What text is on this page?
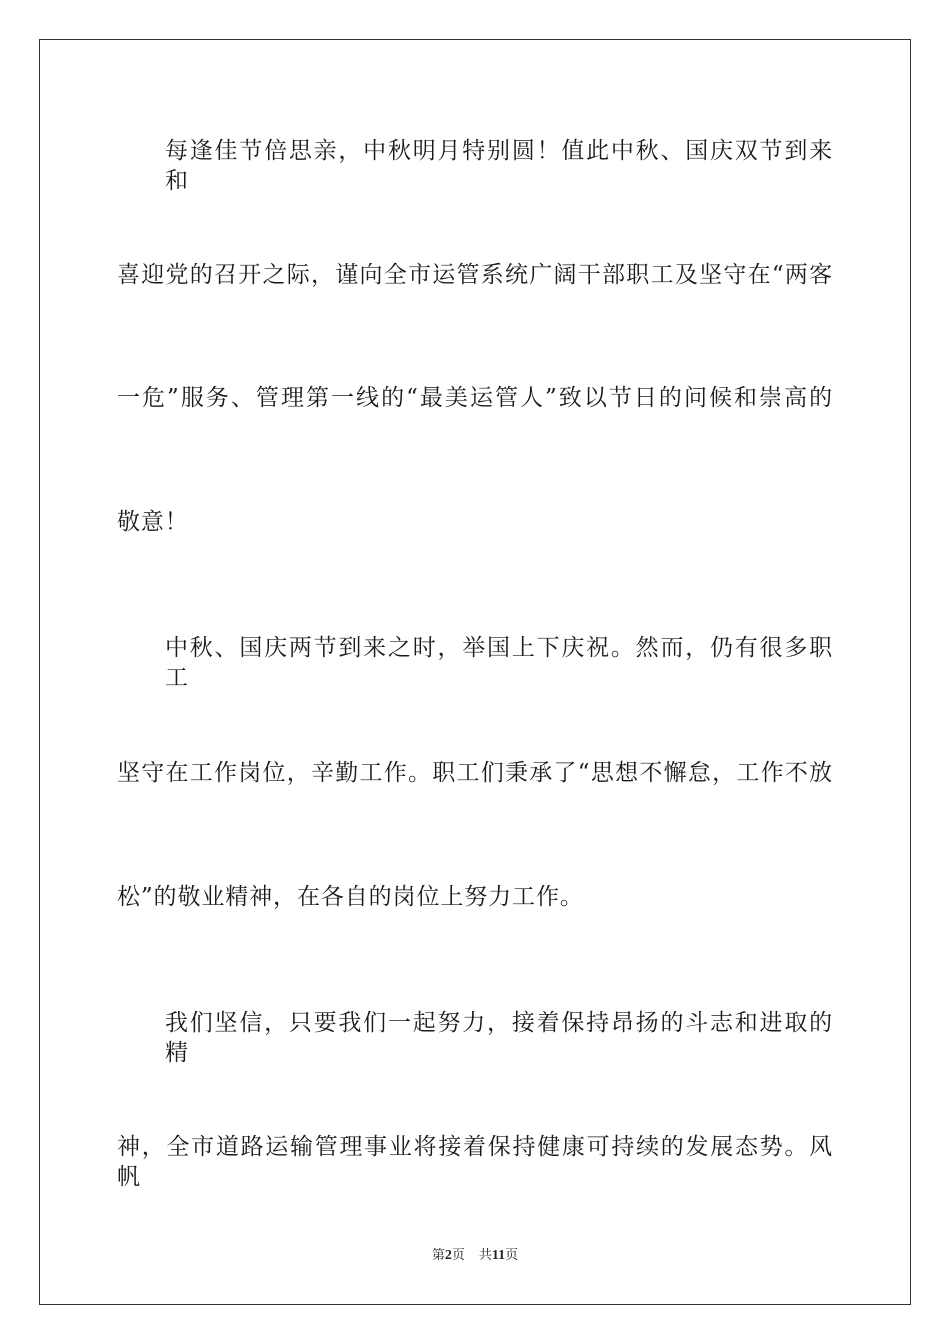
每逢佳节倍思亲，中秋明月特别圆！值此中秋、国庆双节到来和
喜迎党的召开之际，谨向全市运管系统广阔干部职工及坚守在“两客
一危”服务、管理第一线的“最美运管人”致以节日的问候和崇高的
敬意！
中秋、国庆两节到来之时，举国上下庆祝。然而，仍有很多职工
坚守在工作岗位，辛勤工作。职工们秉承了“思想不懈怠，工作不放
松”的敬业精神，在各自的岗位上努力工作。
我们坚信，只要我们一起努力，接着保持昂扬的斗志和进取的精
神，全市道路运输管理事业将接着保持健康可持续的发展态势。风帆
第2页 共11页
